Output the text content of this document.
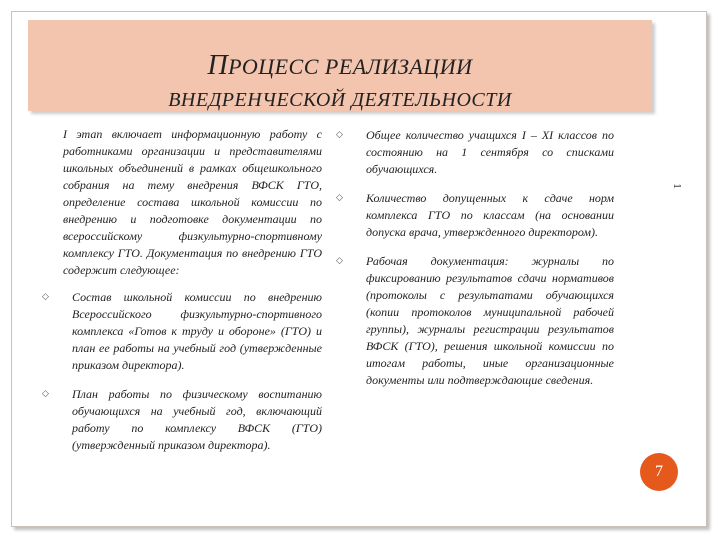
ПРОЦЕСС РЕАЛИЗАЦИИ
ВНЕДРЕНЧЕСКОЙ ДЕЯТЕЛЬНОСТИ

I этап включает информационную работу с работниками организации и представителями школьных объединений в рамках общешкольного собрания на тему внедрения ВФСК ГТО, определение состава школьной комиссии по внедрению и подготовке документации по всероссийскому физкультурно-спортивному комплексу ГТО. Документация по внедрению ГТО содержит следующее:

◇	Состав школьной комиссии по внедрению Всероссийского физкультурно-спортивного комплекса «Готов к труду и обороне» (ГТО) и план ее работы на учебный год (утвержденные приказом директора).
◇	План работы по физическому воспитанию обучающихся на учебный год, включающий работу по комплексу ВФСК (ГТО) (утвержденный приказом директора).
◇	Общее количество учащихся I – XI классов по состоянию на 1 сентября со списками обучающихся.
◇	Количество допущенных к сдаче норм комплекса ГТО по классам (на основании допуска врача, утвержденного директором).
◇	Рабочая документация: журналы по фиксированию результатов сдачи нормативов (протоколы с результатами обучающихся (копии протоколов муниципальной рабочей группы), журналы регистрации результатов ВФСК (ГТО), решения школьной комиссии по итогам работы, иные организационные документы или подтверждающие сведения.
1
7
